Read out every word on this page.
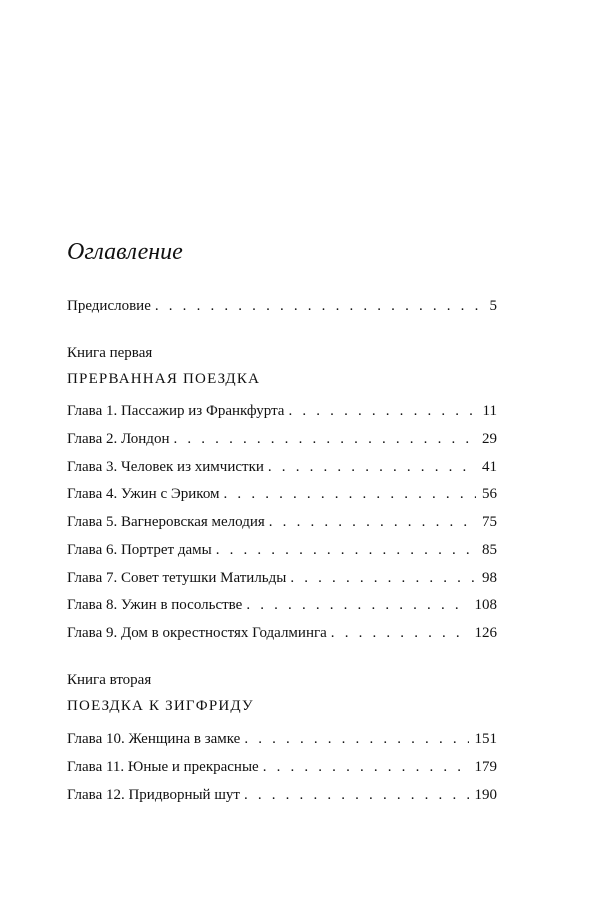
Оглавление
Предисловие . . .	5
Книга первая
ПРЕРВАННАЯ ПОЕЗДКА
Глава 1. Пассажир из Франкфурта . . .	11
Глава 2. Лондон . . .	29
Глава 3. Человек из химчистки . . .	41
Глава 4. Ужин с Эриком . . .	56
Глава 5. Вагнеровская мелодия . . .	75
Глава 6. Портрет дамы . . .	85
Глава 7. Совет тетушки Матильды . . .	98
Глава 8. Ужин в посольстве . . .	108
Глава 9. Дом в окрестностях Годалминга . . .	126
Книга вторая
ПОЕЗДКА К ЗИГФРИДУ
Глава 10. Женщина в замке . . .	151
Глава 11. Юные и прекрасные . . .	179
Глава 12. Придворный шут . . .	190
